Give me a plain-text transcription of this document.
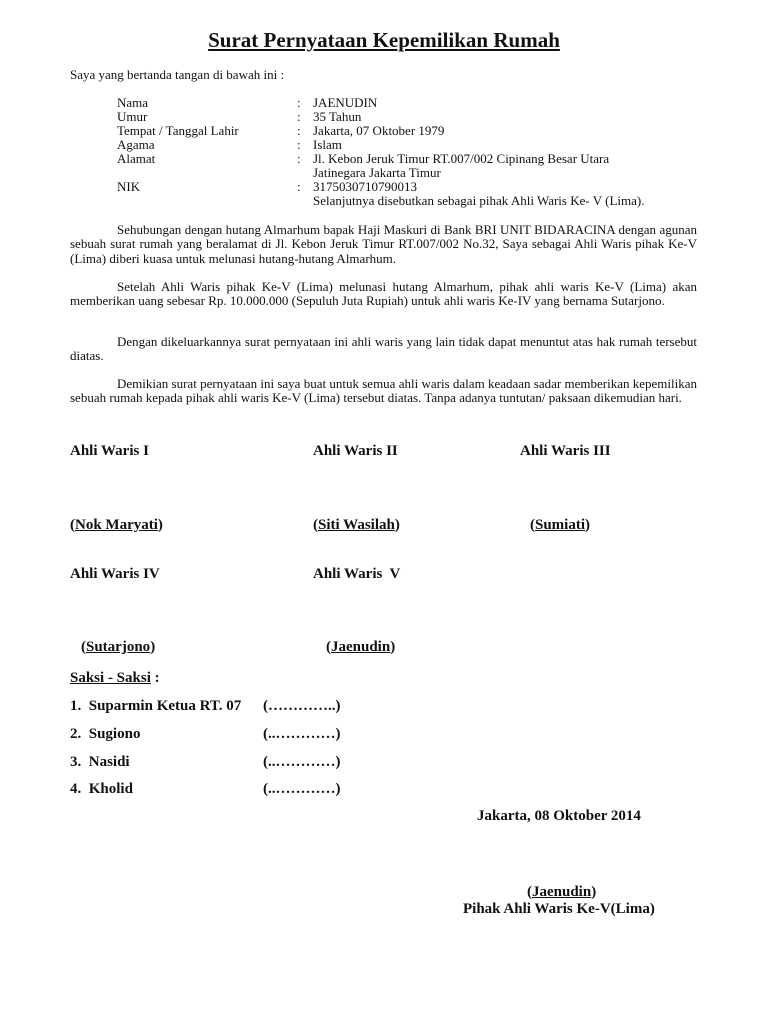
Surat Pernyataan Kepemilikan Rumah
Saya yang bertanda tangan di bawah ini :
Nama	: JAENUDIN
Umur	: 35 Tahun
Tempat / Tanggal Lahir	: Jakarta, 07 Oktober 1979
Agama	: Islam
Alamat	: Jl. Kebon Jeruk Timur RT.007/002 Cipinang Besar Utara
Jatinegara Jakarta Timur
NIK	: 3175030710790013
Selanjutnya disebutkan sebagai pihak Ahli Waris Ke- V (Lima).
Sehubungan dengan hutang Almarhum bapak Haji Maskuri di Bank BRI UNIT BIDARACINA dengan agunan sebuah surat rumah yang beralamat di Jl. Kebon Jeruk Timur RT.007/002 No.32, Saya sebagai Ahli Waris pihak Ke-V (Lima) diberi kuasa untuk melunasi hutang-hutang Almarhum.
Setelah Ahli Waris pihak Ke-V (Lima) melunasi hutang Almarhum, pihak ahli waris Ke-V (Lima) akan memberikan uang sebesar Rp. 10.000.000 (Sepuluh Juta Rupiah) untuk ahli waris Ke-IV yang bernama Sutarjono.
Dengan dikeluarkannya surat pernyataan ini ahli waris yang lain tidak dapat menuntut atas hak rumah tersebut diatas.
Demikian surat pernyataan ini saya buat untuk semua ahli waris dalam keadaan sadar memberikan kepemilikan sebuah rumah kepada pihak ahli waris Ke-V (Lima) tersebut diatas. Tanpa adanya tuntutan/ paksaan dikemudian hari.
Ahli Waris I	Ahli Waris II	Ahli Waris III
(Nok Maryati)	(Siti Wasilah)	(Sumiati)
Ahli Waris IV	Ahli Waris  V
(Sutarjono)	(Jaenudin)
Saksi - Saksi :
1. Suparmin Ketua RT. 07 (…………..)
2. Sugiono	(..…………)
3. Nasidi	(..…………)
4. Kholid	(..…………)
Jakarta, 08 Oktober 2014
(Jaenudin)
Pihak Ahli Waris Ke-V(Lima)
